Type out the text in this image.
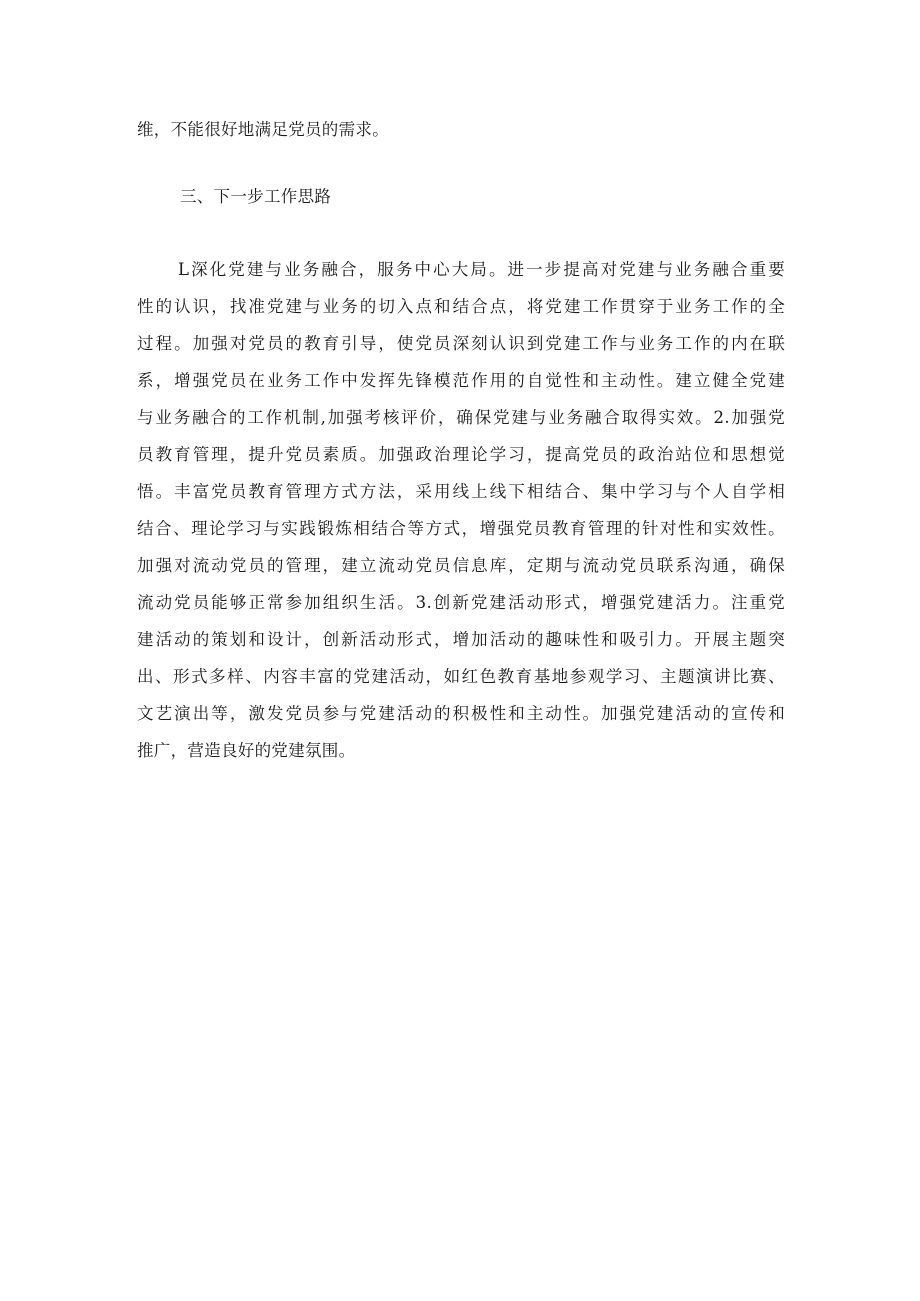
维，不能很好地满足党员的需求。

三、下一步工作思路

L深化党建与业务融合，服务中心大局。进一步提高对党建与业务融合重要

性的认识，找准党建与业务的切入点和结合点，将党建工作贯穿于业务工作的全

过程。加强对党员的教育引导，使党员深刻认识到党建工作与业务工作的内在联

系，增强党员在业务工作中发挥先锋模范作用的自觉性和主动性。建立健全党建

与业务融合的工作机制,加强考核评价，确保党建与业务融合取得实效。2.加强党

员教育管理，提升党员素质。加强政治理论学习，提高党员的政治站位和思想觉

悟。丰富党员教育管理方式方法，采用线上线下相结合、集中学习与个人自学相

结合、理论学习与实践锻炼相结合等方式，增强党员教育管理的针对性和实效性。

加强对流动党员的管理，建立流动党员信息库，定期与流动党员联系沟通，确保

流动党员能够正常参加组织生活。3.创新党建活动形式，增强党建活力。注重党

建活动的策划和设计，创新活动形式，增加活动的趣味性和吸引力。开展主题突

出、形式多样、内容丰富的党建活动，如红色教育基地参观学习、主题演讲比赛、

文艺演出等，激发党员参与党建活动的积极性和主动性。加强党建活动的宣传和

推广，营造良好的党建氛围。
